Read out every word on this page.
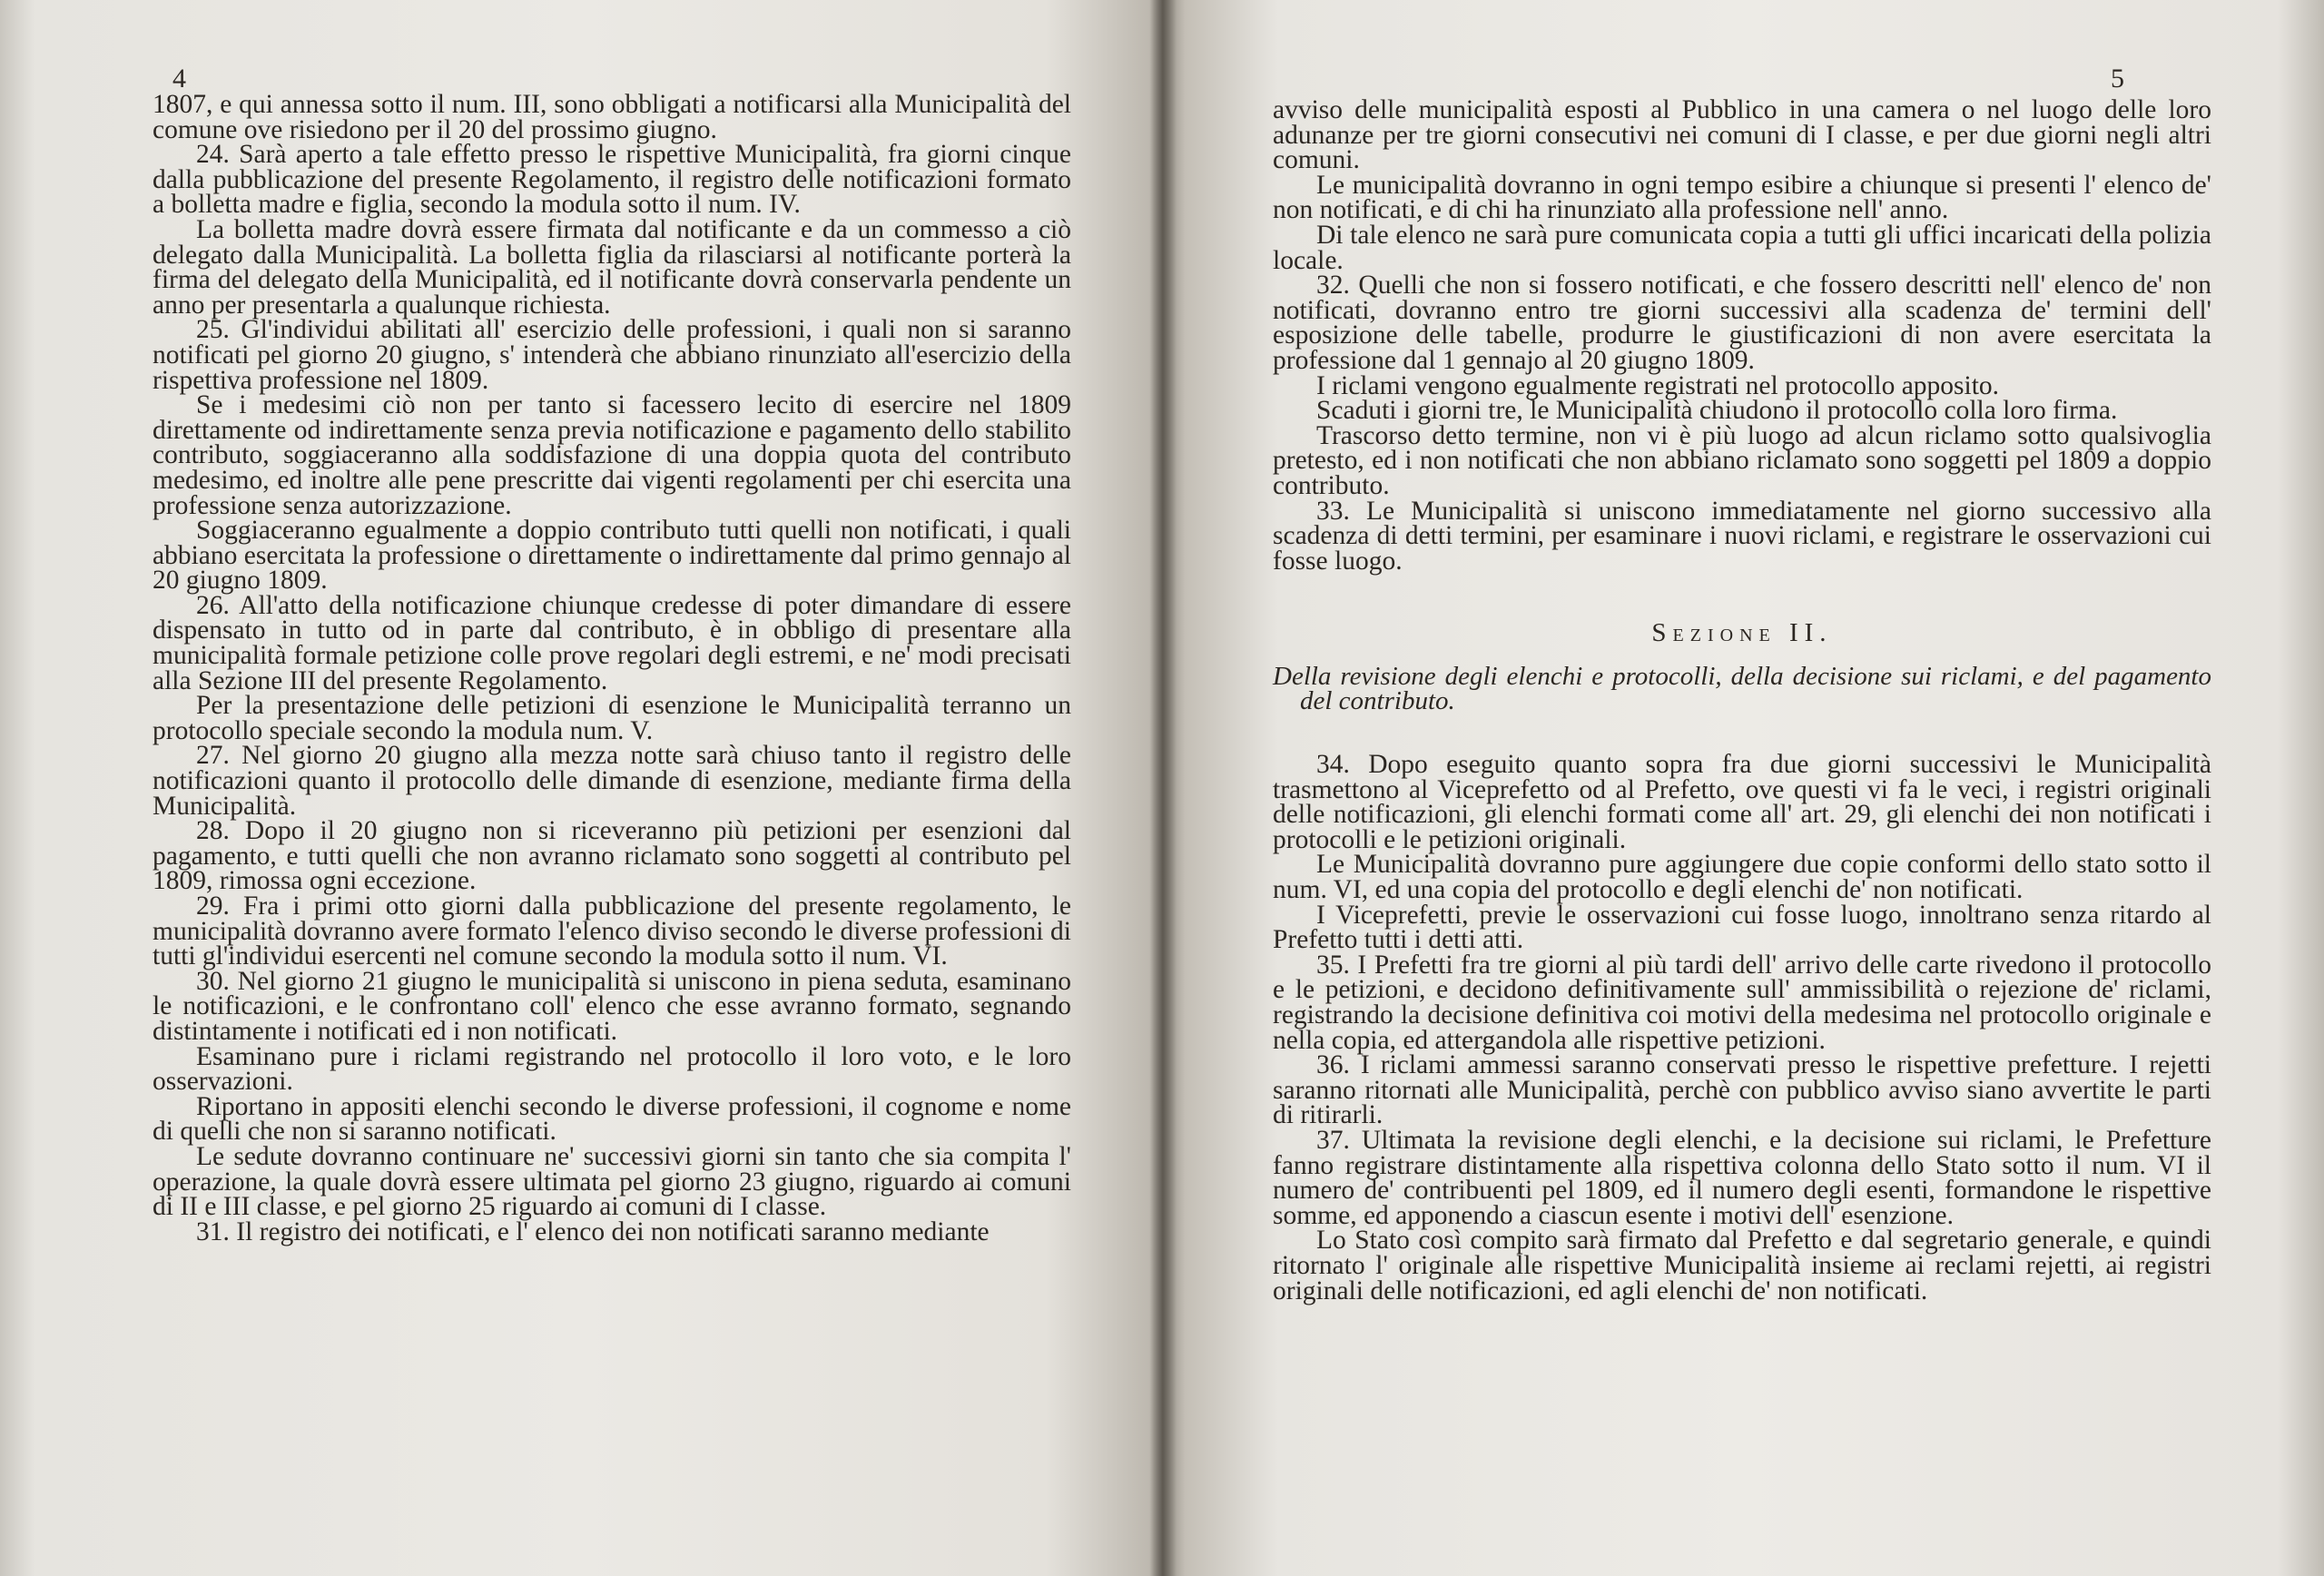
4

1807, e qui annessa sotto il num. III, sono obbligati a notificarsi alla Municipalità del comune ove risiedono per il 20 del prossimo giugno.

24. Sarà aperto a tale effetto presso le rispettive Municipalità, fra giorni cinque dalla pubblicazione del presente Regolamento, il registro delle notificazioni formato a bolletta madre e figlia, secondo la modula sotto il num. IV.

La bolletta madre dovrà essere firmata dal notificante e da un commesso a ciò delegato dalla Municipalità. La bolletta figlia da rilasciarsi al notificante porterà la firma del delegato della Municipalità, ed il notificante dovrà conservarla pendente un anno per presentarla a qualunque richiesta.

25. Gl'individui abilitati all' esercizio delle professioni, i quali non si saranno notificati pel giorno 20 giugno, s' intenderà che abbiano rinunziato all'esercizio della rispettiva professione nel 1809.

Se i medesimi ciò non per tanto si facessero lecito di esercire nel 1809 direttamente od indirettamente senza previa notificazione e pagamento dello stabilito contributo, soggiaceranno alla soddisfazione di una doppia quota del contributo medesimo, ed inoltre alle pene prescritte dai vigenti regolamenti per chi esercita una professione senza autorizzazione.

Soggiaceranno egualmente a doppio contributo tutti quelli non notificati, i quali abbiano esercitata la professione o direttamente o indirettamente dal primo gennajo al 20 giugno 1809.

26. All'atto della notificazione chiunque credesse di poter dimandare di essere dispensato in tutto od in parte dal contributo, è in obbligo di presentare alla municipalità formale petizione colle prove regolari degli estremi, e ne' modi precisati alla Sezione III del presente Regolamento.

Per la presentazione delle petizioni di esenzione le Municipalità terranno un protocollo speciale secondo la modula num. V.

27. Nel giorno 20 giugno alla mezza notte sarà chiuso tanto il registro delle notificazioni quanto il protocollo delle dimande di esenzione, mediante firma della Municipalità.

28. Dopo il 20 giugno non si riceveranno più petizioni per esenzioni dal pagamento, e tutti quelli che non avranno riclamato sono soggetti al contributo pel 1809, rimossa ogni eccezione.

29. Fra i primi otto giorni dalla pubblicazione del presente regolamento, le municipalità dovranno avere formato l'elenco diviso secondo le diverse professioni di tutti gl'individui esercenti nel comune secondo la modula sotto il num. VI.

30. Nel giorno 21 giugno le municipalità si uniscono in piena seduta, esaminano le notificazioni, e le confrontano coll' elenco che esse avranno formato, segnando distintamente i notificati ed i non notificati.

Esaminano pure i riclami registrando nel protocollo il loro voto, e le loro osservazioni.

Riportano in appositi elenchi secondo le diverse professioni, il cognome e nome di quelli che non si saranno notificati.

Le sedute dovranno continuare ne' successivi giorni sin tanto che sia compita l' operazione, la quale dovrà essere ultimata pel giorno 23 giugno, riguardo ai comuni di II e III classe, e pel giorno 25 riguardo ai comuni di I classe.

31. Il registro dei notificati, e l' elenco dei non notificati saranno mediante

5

avviso delle municipalità esposti al Pubblico in una camera o nel luogo delle loro adunanze per tre giorni consecutivi nei comuni di I classe, e per due giorni negli altri comuni.

Le municipalità dovranno in ogni tempo esibire a chiunque si presenti l' elenco de' non notificati, e di chi ha rinunziato alla professione nell' anno.

Di tale elenco ne sarà pure comunicata copia a tutti gli uffici incaricati della polizia locale.

32. Quelli che non si fossero notificati, e che fossero descritti nell' elenco de' non notificati, dovranno entro tre giorni successivi alla scadenza de' termini dell' esposizione delle tabelle, produrre le giustificazioni di non avere esercitata la professione dal 1 gennajo al 20 giugno 1809.

I riclami vengono egualmente registrati nel protocollo apposito.

Scaduti i giorni tre, le Municipalità chiudono il protocollo colla loro firma.

Trascorso detto termine, non vi è più luogo ad alcun riclamo sotto qualsivoglia pretesto, ed i non notificati che non abbiano riclamato sono soggetti pel 1809 a doppio contributo.

33. Le Municipalità si uniscono immediatamente nel giorno successivo alla scadenza di detti termini, per esaminare i nuovi riclami, e registrare le osservazioni cui fosse luogo.

Sezione II.
Della revisione degli elenchi e protocolli, della decisione sui riclami, e del pagamento del contributo.

34. Dopo eseguito quanto sopra fra due giorni successivi le Municipalità trasmettono al Viceprefetto od al Prefetto, ove questi vi fa le veci, i registri originali delle notificazioni, gli elenchi formati come all' art. 29, gli elenchi dei non notificati i protocolli e le petizioni originali.

Le Municipalità dovranno pure aggiungere due copie conformi dello stato sotto il num. VI, ed una copia del protocollo e degli elenchi de' non notificati.

I Viceprefetti, previe le osservazioni cui fosse luogo, innoltrano senza ritardo al Prefetto tutti i detti atti.

35. I Prefetti fra tre giorni al più tardi dell' arrivo delle carte rivedono il protocollo e le petizioni, e decidono definitivamente sull' ammissibilità o rejezione de' riclami, registrando la decisione definitiva coi motivi della medesima nel protocollo originale e nella copia, ed attergandola alle rispettive petizioni.

36. I riclami ammessi saranno conservati presso le rispettive prefetture. I rejetti saranno ritornati alle Municipalità, perchè con pubblico avviso siano avvertite le parti di ritirarli.

37. Ultimata la revisione degli elenchi, e la decisione sui riclami, le Prefetture fanno registrare distintamente alla rispettiva colonna dello Stato sotto il num. VI il numero de' contribuenti pel 1809, ed il numero degli esenti, formandone le rispettive somme, ed apponendo a ciascun esente i motivi dell' esenzione.

Lo Stato così compito sarà firmato dal Prefetto e dal segretario generale, e quindi ritornato l' originale alle rispettive Municipalità insieme ai reclami rejetti, ai registri originali delle notificazioni, ed agli elenchi de' non notificati.
